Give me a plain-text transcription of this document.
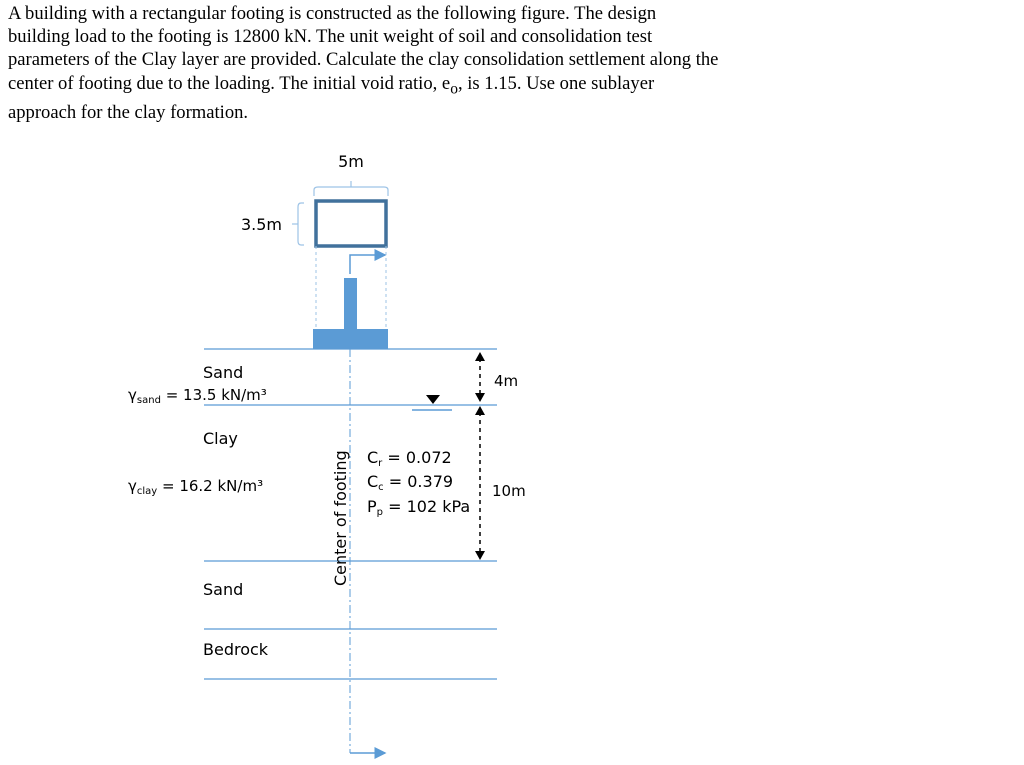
A building with a rectangular footing is constructed as the following figure. The design building load to the footing is 12800 kN. The unit weight of soil and consolidation test parameters of the Clay layer are provided. Calculate the clay consolidation settlement along the center of footing due to the loading. The initial void ratio, $e_o$, is 1.15. Use one sublayer approach for the clay formation.

5m
3.5m
Sand
$\gamma_{sand} = 13.5$ kN/m³
Clay
$\gamma_{clay} = 16.2$ kN/m³
Cr = 0.072
Cc = 0.379
Pp = 102 kPa
Sand
Bedrock
Center of footing
4m
10m
